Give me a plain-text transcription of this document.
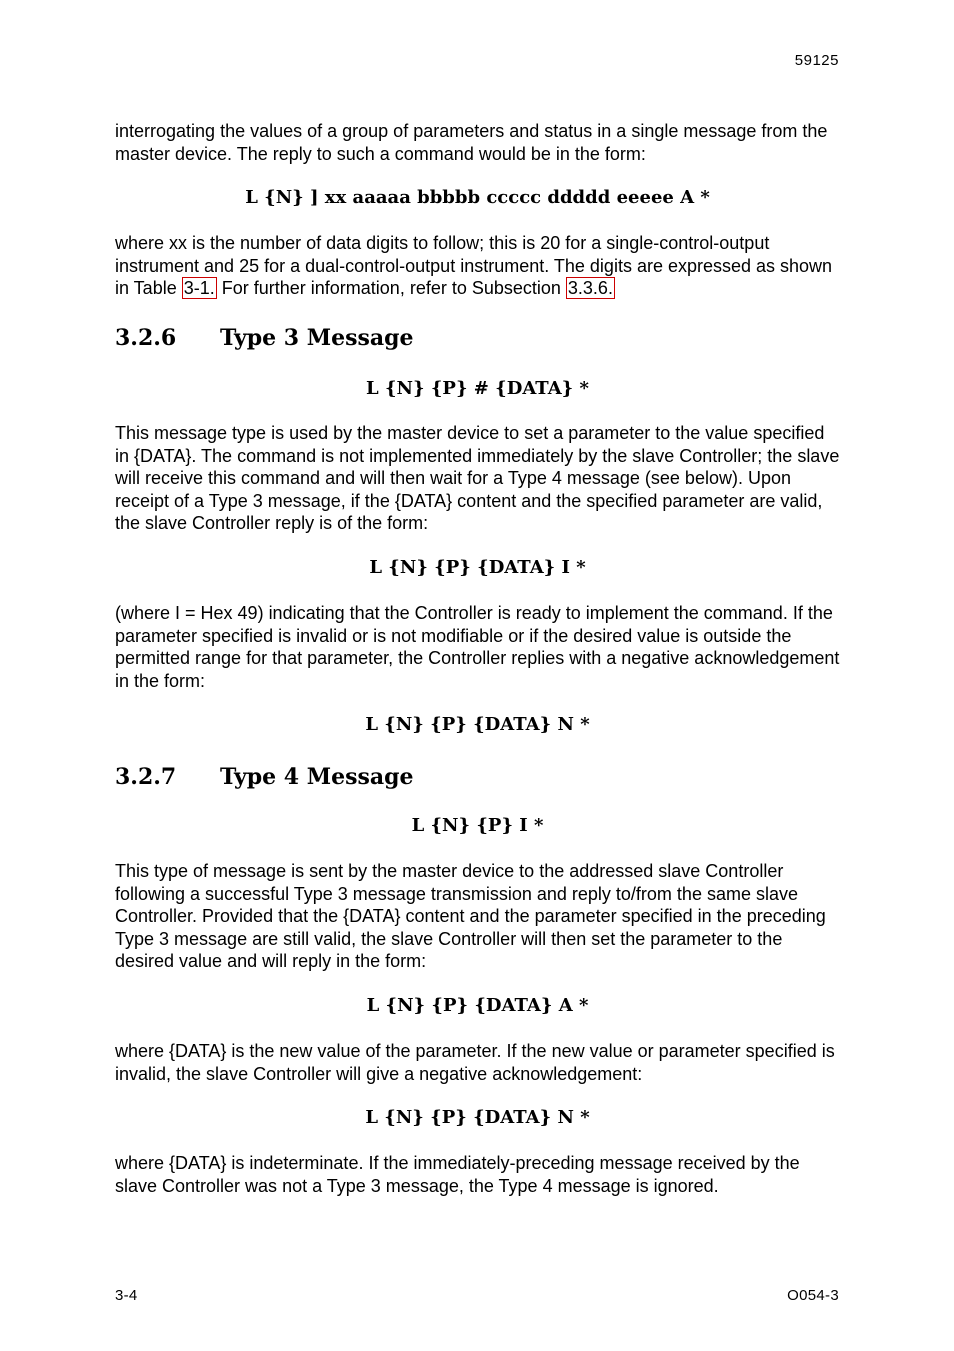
59125
interrogating the values of a group of parameters and status in a single message from the master device. The reply to such a command would be in the form:
L {N} ] xx aaaaa bbbbb ccccc ddddd eeeee A *
where xx is the number of data digits to follow; this is 20 for a single-control-output instrument and 25 for a dual-control-output instrument. The digits are expressed as shown in Table 3-1. For further information, refer to Subsection 3.3.6.
3.2.6 Type 3 Message
L {N} {P} # {DATA} *
This message type is used by the master device to set a parameter to the value specified in {DATA}. The command is not implemented immediately by the slave Controller; the slave will receive this command and will then wait for a Type 4 message (see below). Upon receipt of a Type 3 message, if the {DATA} content and the specified parameter are valid, the slave Controller reply is of the form:
L {N} {P} {DATA} I *
(where I = Hex 49) indicating that the Controller is ready to implement the command. If the parameter specified is invalid or is not modifiable or if the desired value is outside the permitted range for that parameter, the Controller replies with a negative acknowledgement in the form:
L {N} {P} {DATA} N *
3.2.7 Type 4 Message
L {N} {P} I *
This type of message is sent by the master device to the addressed slave Controller following a successful Type 3 message transmission and reply to/from the same slave Controller. Provided that the {DATA} content and the parameter specified in the preceding Type 3 message are still valid, the slave Controller will then set the parameter to the desired value and will reply in the form:
L {N} {P} {DATA} A *
where {DATA} is the new value of the parameter. If the new value or parameter specified is invalid, the slave Controller will give a negative acknowledgement:
L {N} {P} {DATA} N *
where {DATA} is indeterminate. If the immediately-preceding message received by the slave Controller was not a Type 3 message, the Type 4 message is ignored.
3-4	O054-3
